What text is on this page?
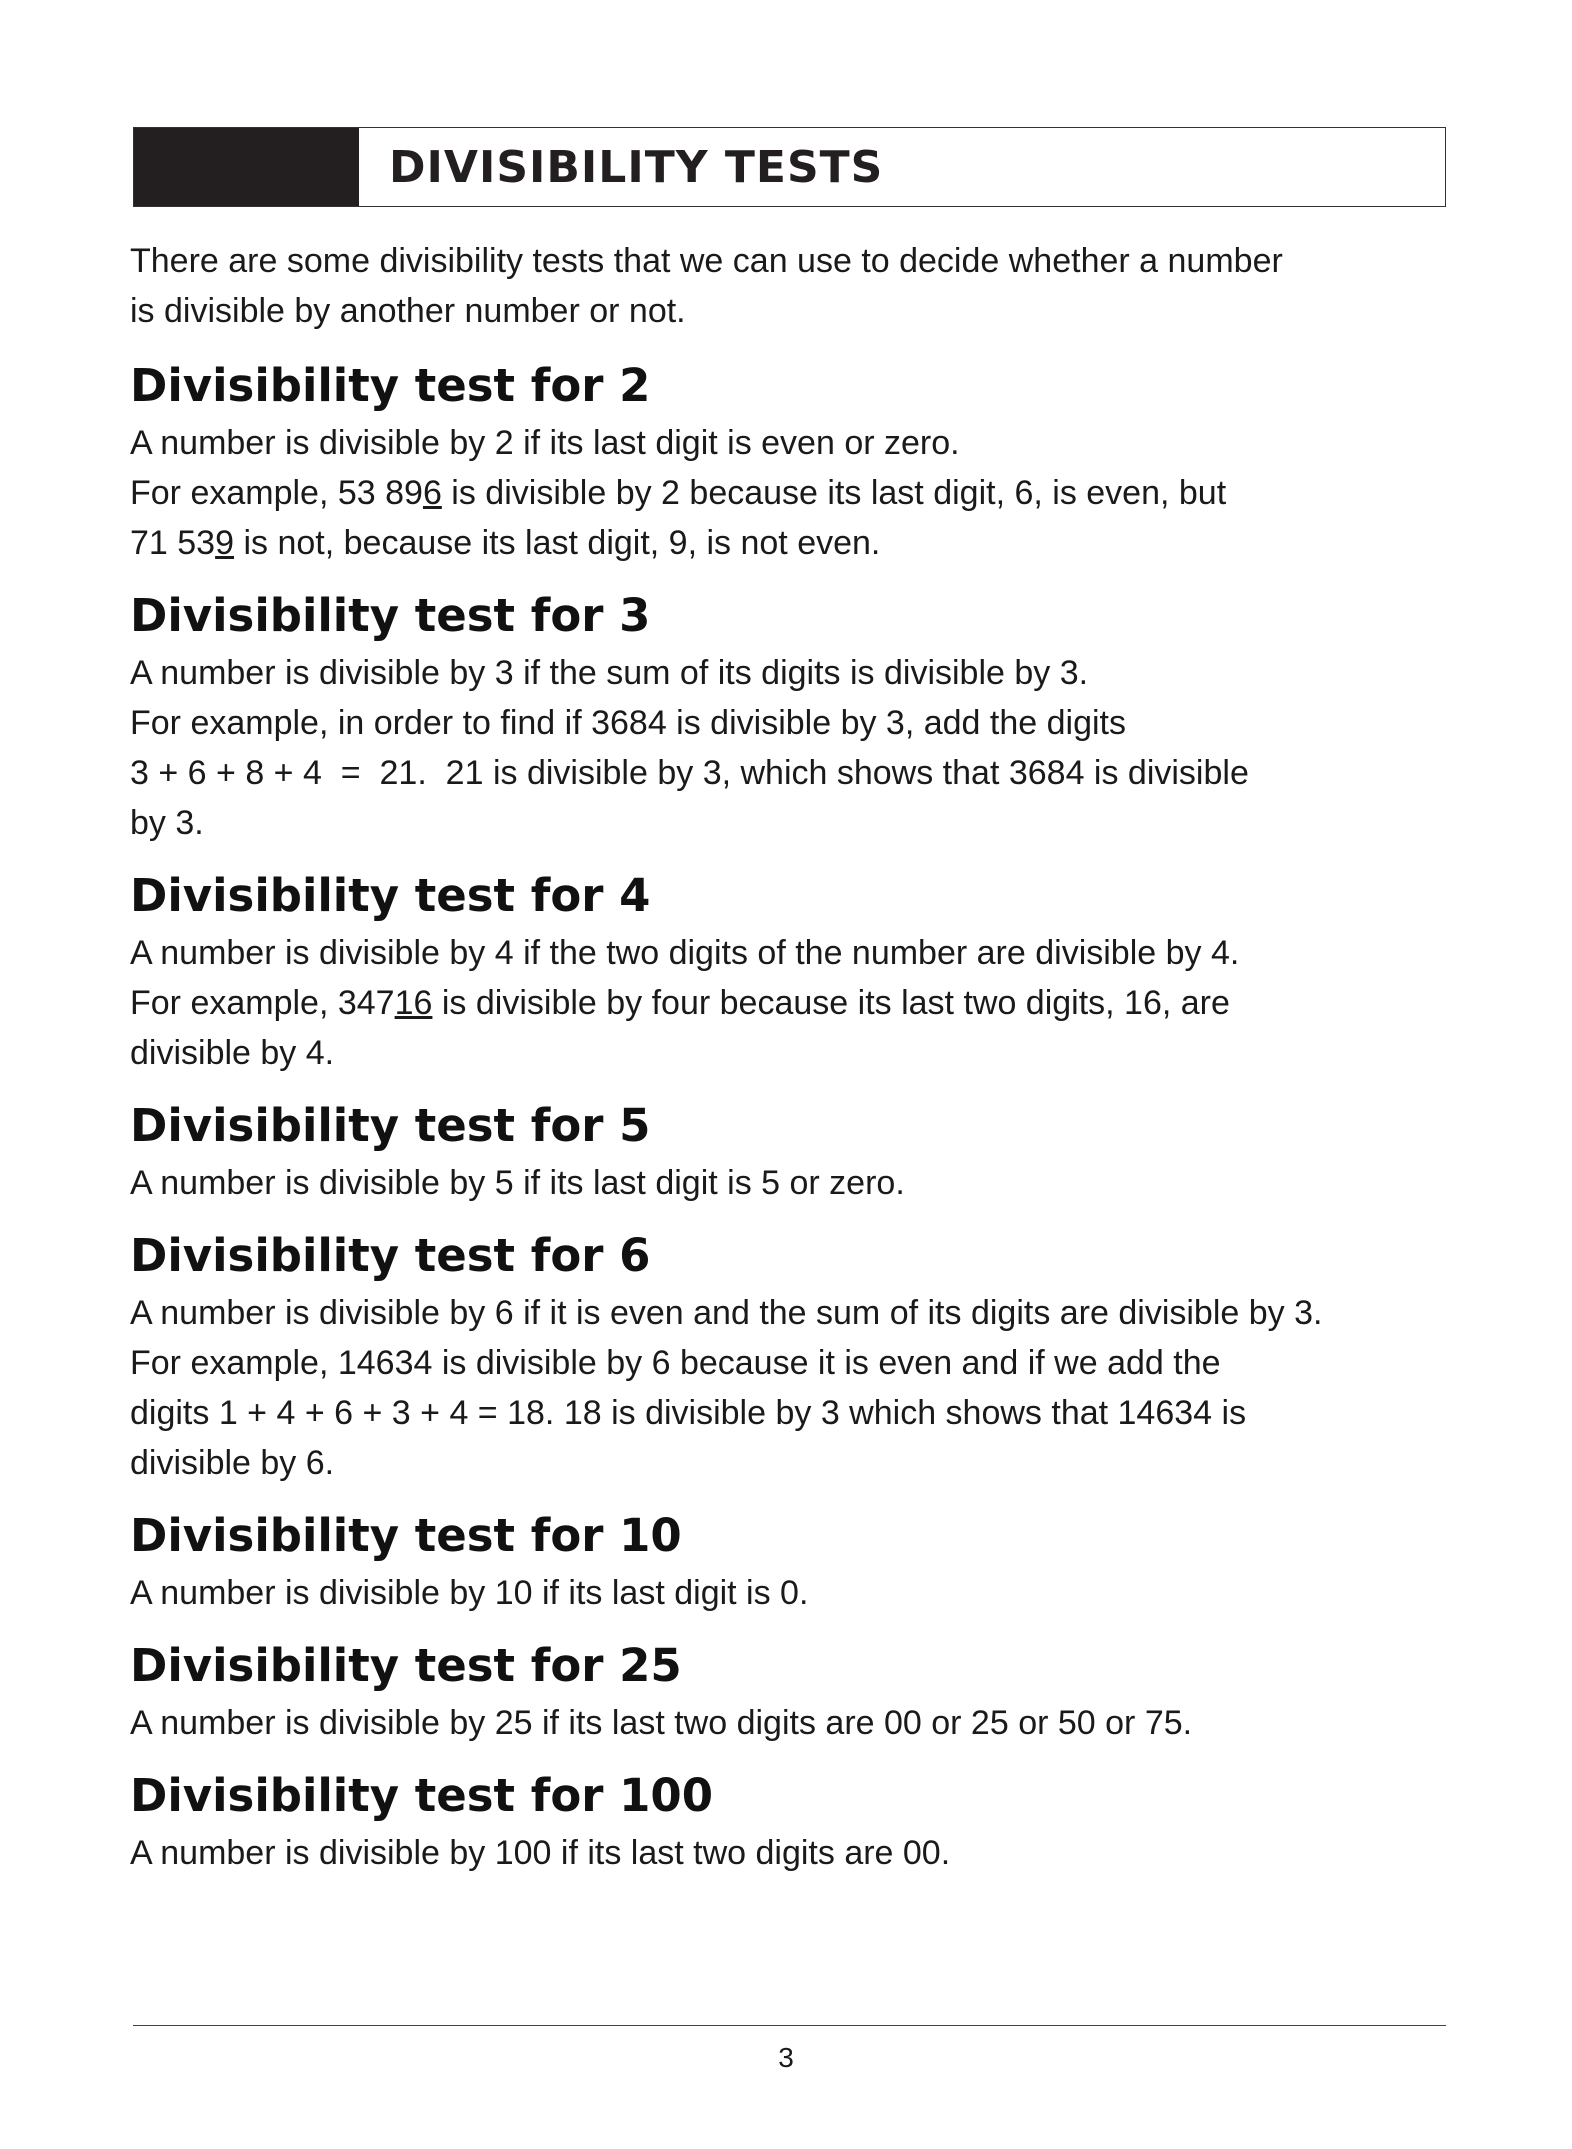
DIVISIBILITY TESTS
There are some divisibility tests that we can use to decide whether a number
is divisible by another number or not.
Divisibility test for 2
A number is divisible by 2 if its last digit is even or zero.
For example, 53 896 is divisible by 2 because its last digit, 6, is even, but
71 539 is not, because its last digit, 9, is not even.
Divisibility test for 3
A number is divisible by 3 if the sum of its digits is divisible by 3.
For example, in order to find if 3684 is divisible by 3, add the digits
3 + 6 + 8 + 4  =  21.  21 is divisible by 3, which shows that 3684 is divisible
by 3.
Divisibility test for 4
A number is divisible by 4 if the two digits of the number are divisible by 4.
For example, 34716 is divisible by four because its last two digits, 16, are
divisible by 4.
Divisibility test for 5
A number is divisible by 5 if its last digit is 5 or zero.
Divisibility test for 6
A number is divisible by 6 if it is even and the sum of its digits are divisible by 3.
For example, 14634 is divisible by 6 because it is even and if we add the
digits 1 + 4 + 6 + 3 + 4 = 18. 18 is divisible by 3 which shows that 14634 is
divisible by 6.
Divisibility test for 10
A number is divisible by 10 if its last digit is 0.
Divisibility test for 25
A number is divisible by 25 if its last two digits are 00 or 25 or 50 or 75.
Divisibility test for 100
A number is divisible by 100 if its last two digits are 00.
3
